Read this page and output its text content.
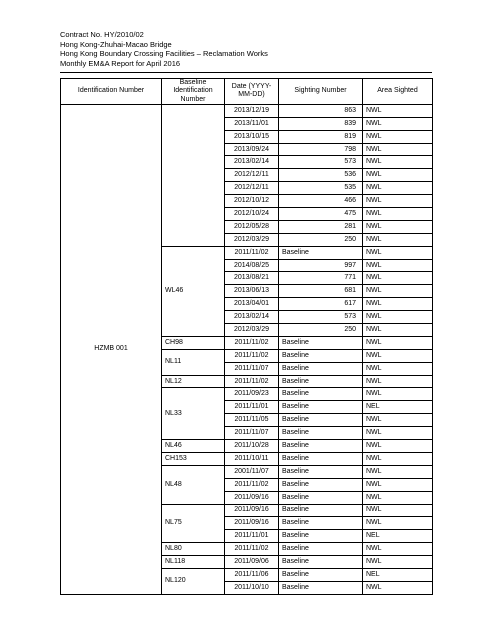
Contract No. HY/2010/02
Hong Kong-Zhuhai-Macao Bridge
Hong Kong Boundary Crossing Facilities – Reclamation Works
Monthly EM&A Report for April 2016
Identification Number	Baseline Identification Number	Date (YYYY-MM-DD)	Sighting Number	Area Sighted
HZMB 001		2013/12/19	863	NWL
		2013/11/01	839	NWL
		2013/10/15	819	NWL
		2013/09/24	798	NWL
		2013/02/14	573	NWL
		2012/12/11	536	NWL
		2012/12/11	535	NWL
		2012/10/12	466	NWL
		2012/10/24	475	NWL
		2012/05/28	281	NWL
		2012/03/29	250	NWL
	WL46	2011/11/02	Baseline	NWL
		2014/08/25	997	NWL
		2013/08/21	771	NWL
		2013/06/13	681	NWL
		2013/04/01	617	NWL
		2013/02/14	573	NWL
		2012/03/29	250	NWL
	CH98	2011/11/02	Baseline	NWL
	NL11	2011/11/02	Baseline	NWL
		2011/11/07	Baseline	NWL
	NL12	2011/11/02	Baseline	NWL
	NL33	2011/09/23	Baseline	NWL
		2011/11/01	Baseline	NEL
		2011/11/05	Baseline	NWL
		2011/11/07	Baseline	NWL
	NL46	2011/10/28	Baseline	NWL
	CH153	2011/10/11	Baseline	NWL
	NL48	2001/11/07	Baseline	NWL
		2011/11/02	Baseline	NWL
		2011/09/16	Baseline	NWL
	NL75	2011/09/16	Baseline	NWL
		2011/09/16	Baseline	NWL
		2011/11/01	Baseline	NEL
	NL80	2011/11/02	Baseline	NWL
	NL118	2011/09/06	Baseline	NWL
	NL120	2011/11/06	Baseline	NEL
		2011/10/10	Baseline	NWL
